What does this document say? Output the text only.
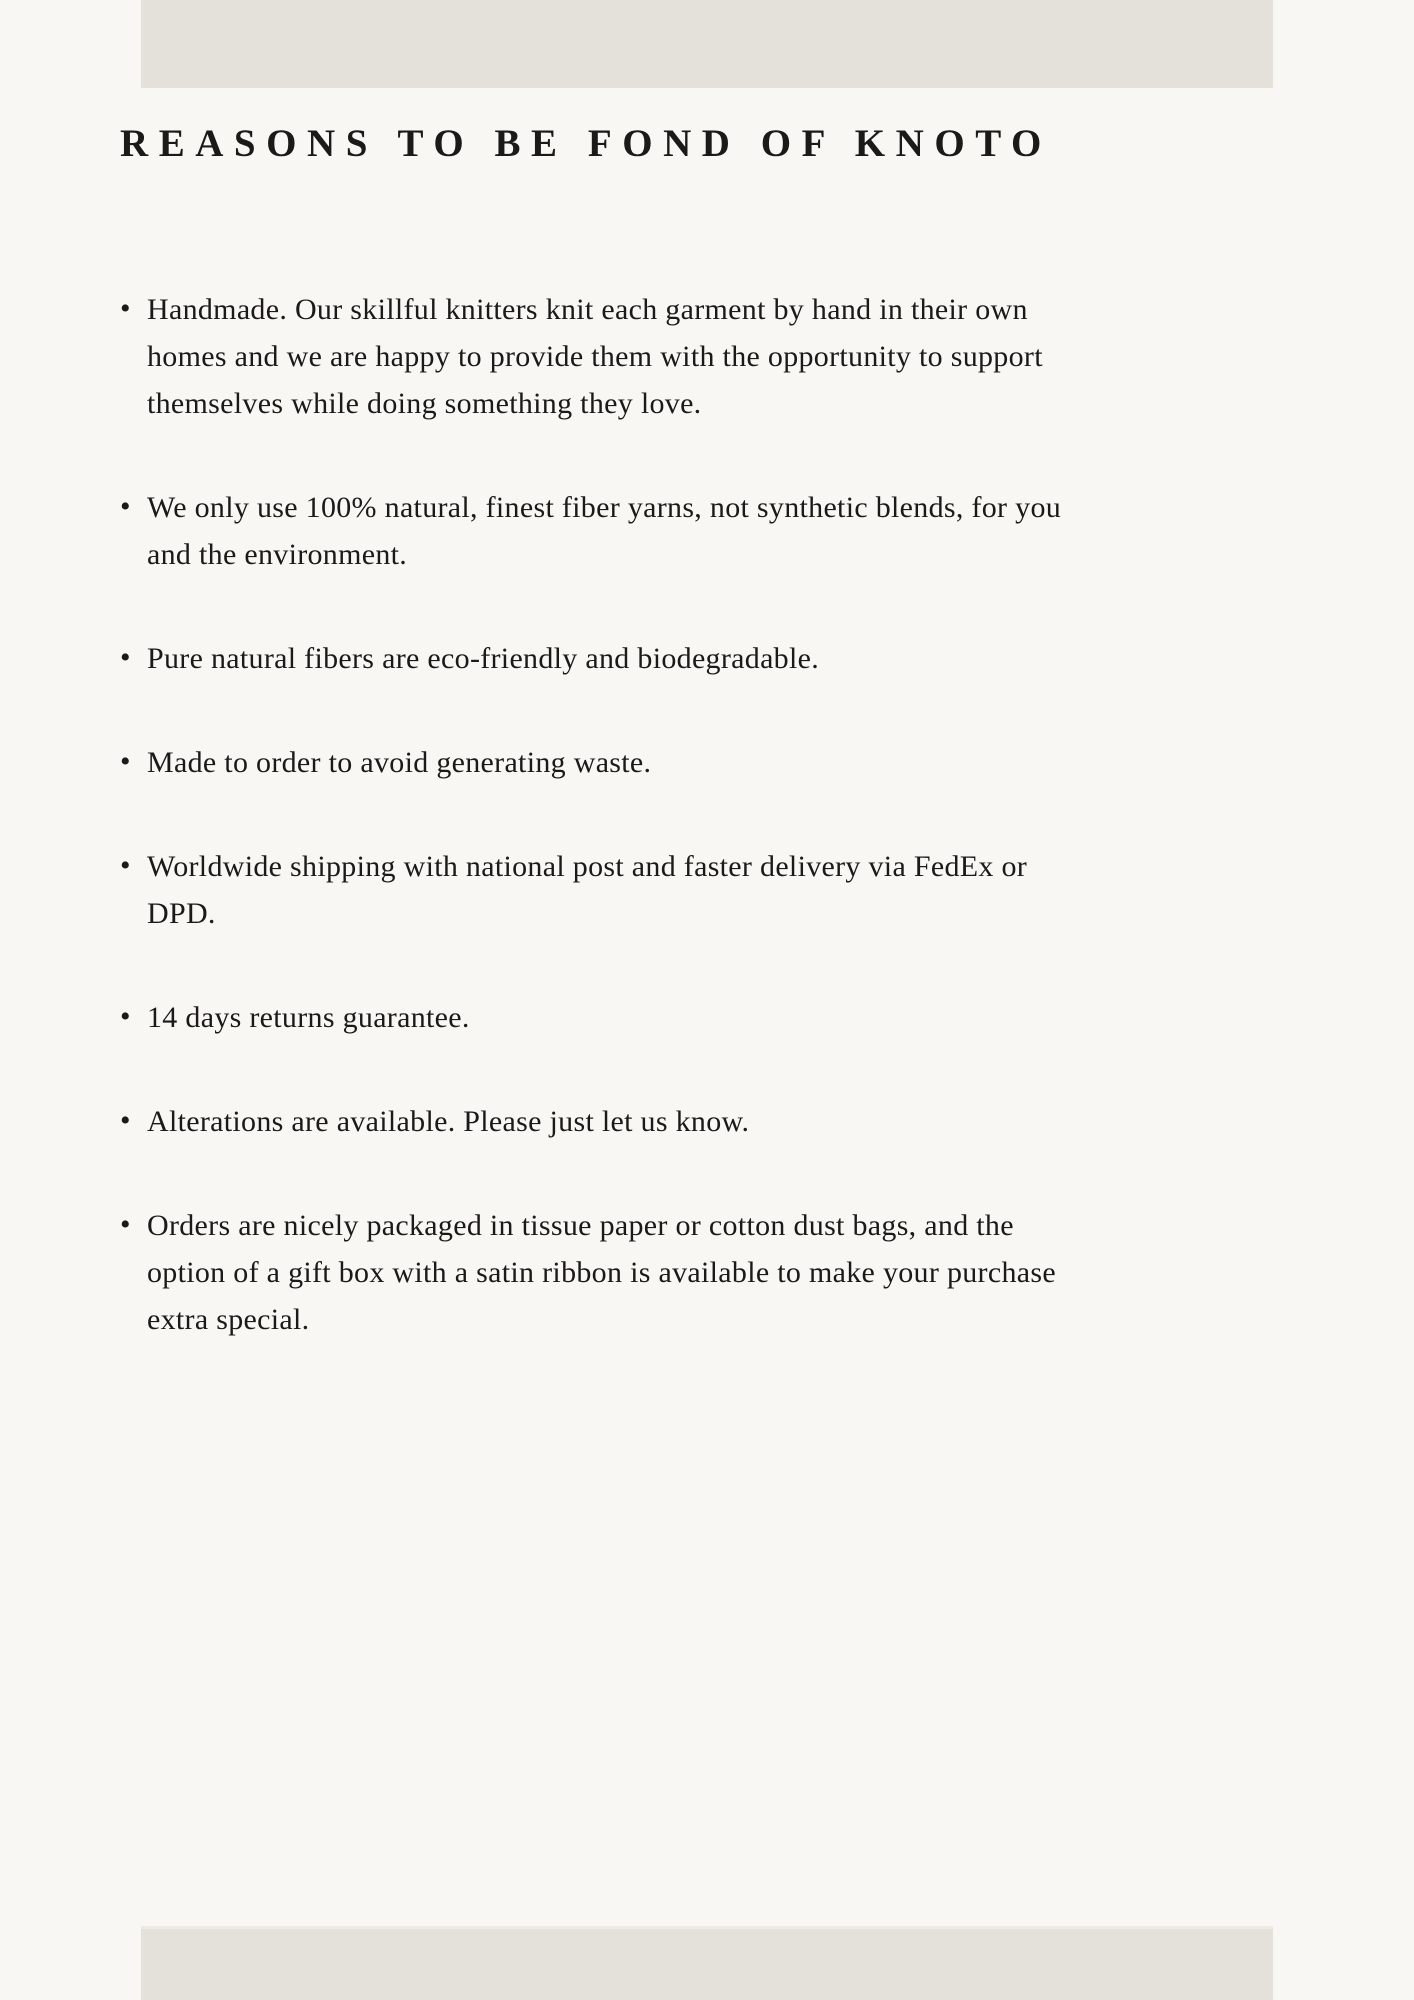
REASONS TO BE FOND OF KNOTO
• Handmade. Our skillful knitters knit each garment by hand in their own homes and we are happy to provide them with the opportunity to support themselves while doing something they love.
• We only use 100% natural, finest fiber yarns, not synthetic blends, for you and the environment.
• Pure natural fibers are eco-friendly and biodegradable.
• Made to order to avoid generating waste.
• Worldwide shipping with national post and faster delivery via FedEx or DPD.
• 14 days returns guarantee.
• Alterations are available. Please just let us know.
• Orders are nicely packaged in tissue paper or cotton dust bags, and the option of a gift box with a satin ribbon is available to make your purchase extra special.
